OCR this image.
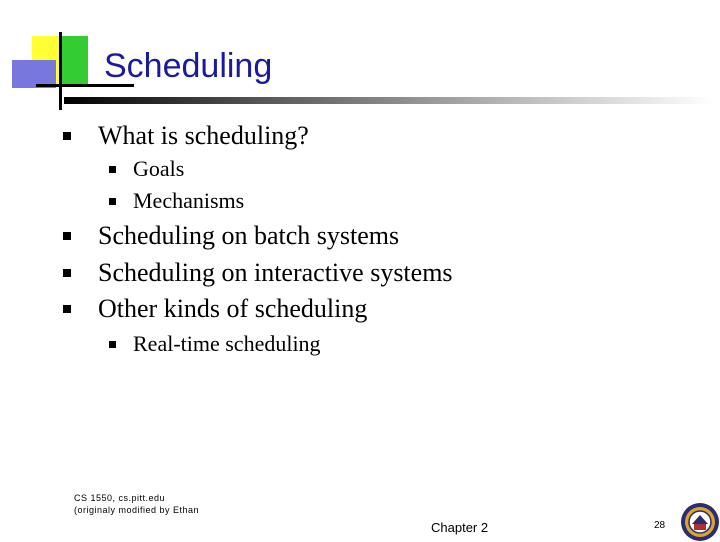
Scheduling
What is scheduling?
Goals
Mechanisms
Scheduling on batch systems
Scheduling on interactive systems
Other kinds of scheduling
Real-time scheduling
CS 1550, cs.pitt.edu
(originaly modified by Ethan
Chapter 2	28
